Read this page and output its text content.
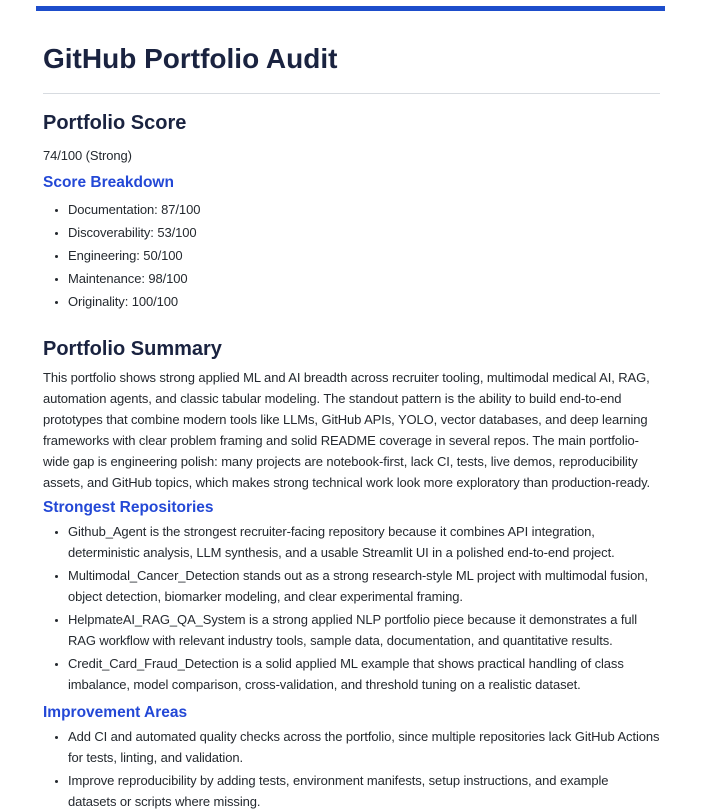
GitHub Portfolio Audit
Portfolio Score

74/100 (Strong)

Score Breakdown
• Documentation: 87/100
• Discoverability: 53/100
• Engineering: 50/100
• Maintenance: 98/100
• Originality: 100/100
Portfolio Summary

This portfolio shows strong applied ML and AI breadth across recruiter tooling, multimodal medical AI, RAG, automation agents, and classic tabular modeling. The standout pattern is the ability to build end-to-end prototypes that combine modern tools like LLMs, GitHub APIs, YOLO, vector databases, and deep learning frameworks with clear problem framing and solid README coverage in several repos. The main portfolio-wide gap is engineering polish: many projects are notebook-first, lack CI, tests, live demos, reproducibility assets, and GitHub topics, which makes strong technical work look more exploratory than production-ready.

Strongest Repositories
• Github_Agent is the strongest recruiter-facing repository because it combines API integration, deterministic analysis, LLM synthesis, and a usable Streamlit UI in a polished end-to-end project.
• Multimodal_Cancer_Detection stands out as a strong research-style ML project with multimodal fusion, object detection, biomarker modeling, and clear experimental framing.
• HelpmateAI_RAG_QA_System is a strong applied NLP portfolio piece because it demonstrates a full RAG workflow with relevant industry tools, sample data, documentation, and quantitative results.
• Credit_Card_Fraud_Detection is a solid applied ML example that shows practical handling of class imbalance, model comparison, cross-validation, and threshold tuning on a realistic dataset.
Improvement Areas
• Add CI and automated quality checks across the portfolio, since multiple repositories lack GitHub Actions for tests, linting, and validation.
• Improve reproducibility by adding tests, environment manifests, setup instructions, and example datasets or scripts where missing.
